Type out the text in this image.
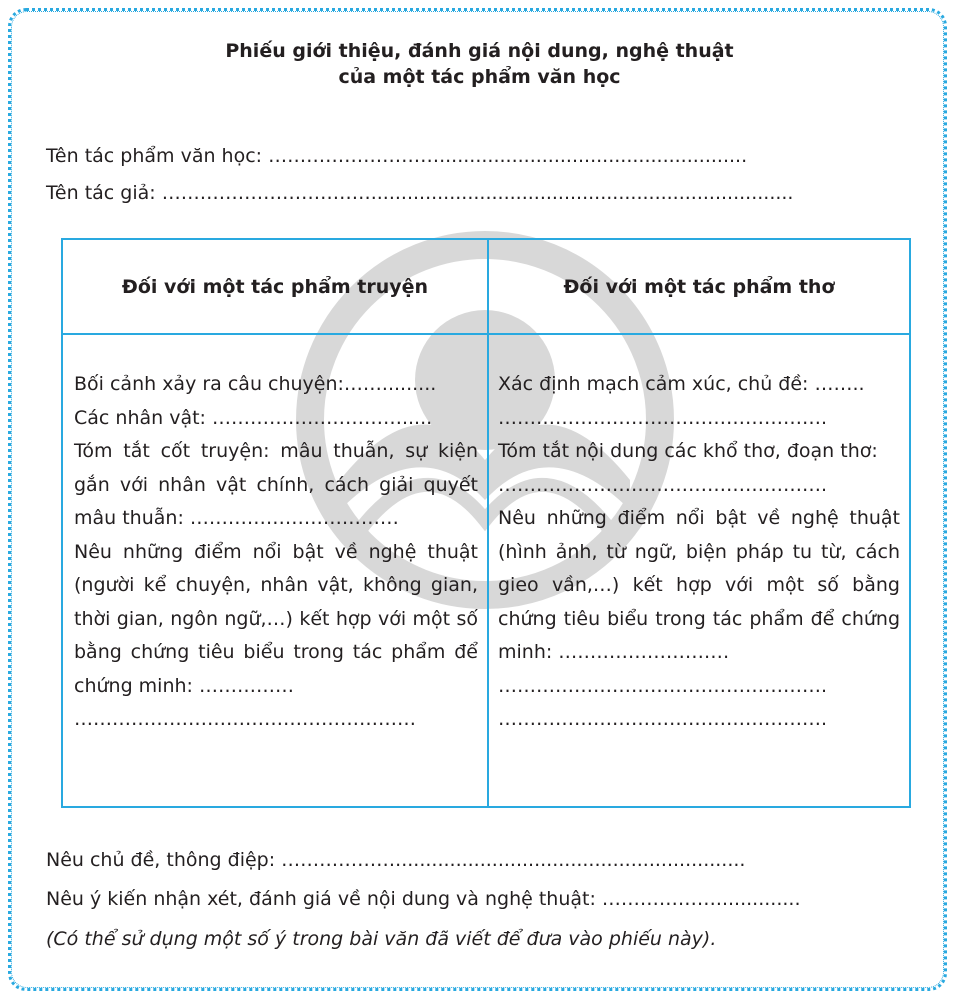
Phiếu giới thiệu, đánh giá nội dung, nghệ thuật
của một tác phẩm văn học
Tên tác phẩm văn học: ………………………...................................................
Tên tác giả: ……………………………......................................................................
Đối với một tác phẩm truyện	Đối với một tác phẩm thơ

Bối cảnh xảy ra câu chuyện:…….........

Các nhân vật: ………………………….....

Tóm tắt cốt truyện: mâu thuẫn, sự kiện gắn với nhân vật chính, cách giải quyết mâu thuẫn: ……………………………

Nêu những điểm nổi bật về nghệ thuật (người kể chuyện, nhân vật, không gian, thời gian, ngôn ngữ,…) kết hợp với một số bằng chứng tiêu biểu trong tác phẩm để chứng minh: ……………

………………………………………………

Xác định mạch cảm xúc, chủ đề: ……..

…………………………………………….

Tóm tắt nội dung các khổ thơ, đoạn thơ:

…………………………………………….

Nêu những điểm nổi bật về nghệ thuật (hình ảnh, từ ngữ, biện pháp tu từ, cách gieo vần,…) kết hợp với một số bằng chứng tiêu biểu trong tác phẩm để chứng minh: ………………………

…………………………………………….

…………………………………………….

Nêu chủ đề, thông điệp: ………………..........................................................
Nêu ý kiến nhận xét, đánh giá về nội dung và nghệ thuật: ………………..............
(Có thể sử dụng một số ý trong bài văn đã viết để đưa vào phiếu này).
